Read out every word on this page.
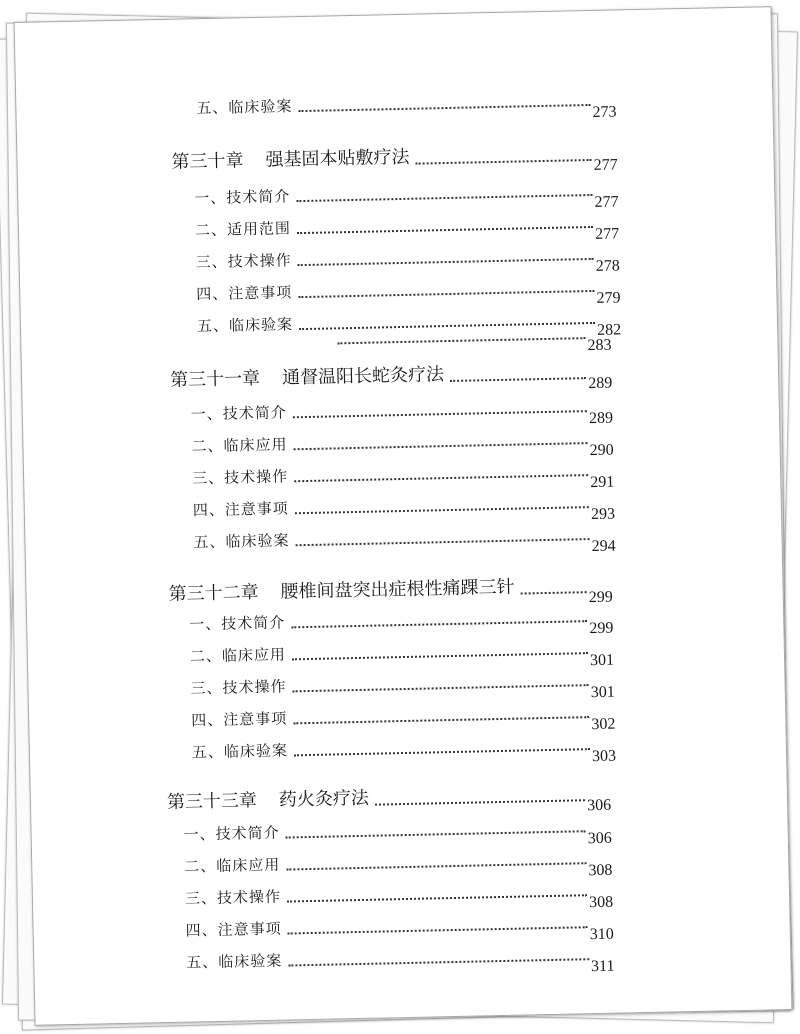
五、临床验案	273
第三十章 强基固本贴敷疗法	277
一、技术简介	277
二、适用范围	277
三、技术操作	278
四、注意事项	279
五、临床验案	282
283
第三十一章 通督温阳长蛇灸疗法	289
一、技术简介	289
二、临床应用	290
三、技术操作	291
四、注意事项	293
五、临床验案	294
第三十二章 腰椎间盘突出症根性痛踝三针	299
一、技术简介	299
二、临床应用	301
三、技术操作	301
四、注意事项	302
五、临床验案	303
第三十三章 药火灸疗法	306
一、技术简介	306
二、临床应用	308
三、技术操作	308
四、注意事项	310
五、临床验案	311
